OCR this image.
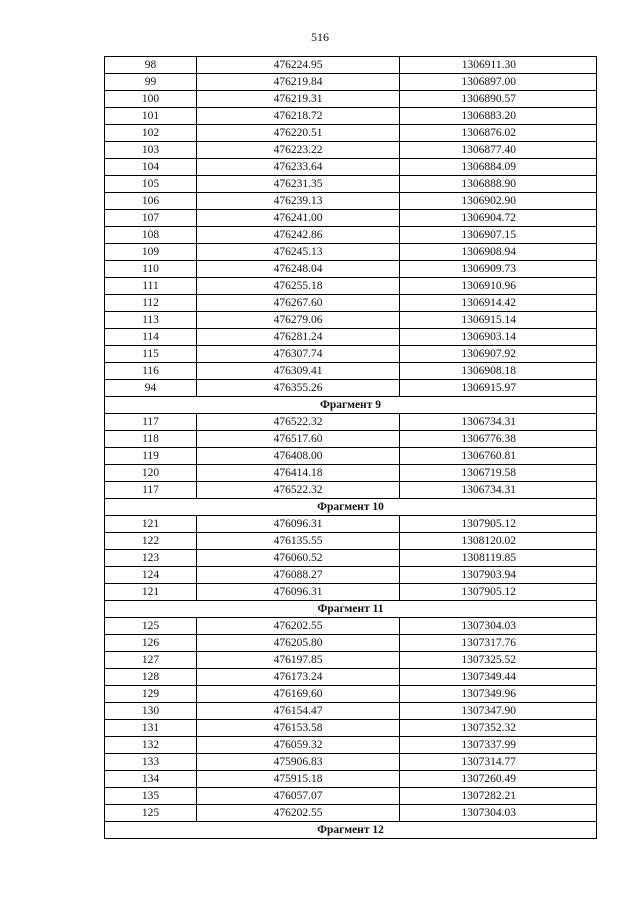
516
98	476224.95	1306911.30
99	476219.84	1306897.00
100	476219.31	1306890.57
101	476218.72	1306883.20
102	476220.51	1306876.02
103	476223.22	1306877.40
104	476233.64	1306884.09
105	476231.35	1306888.90
106	476239.13	1306902.90
107	476241.00	1306904.72
108	476242.86	1306907.15
109	476245.13	1306908.94
110	476248.04	1306909.73
111	476255.18	1306910.96
112	476267.60	1306914.42
113	476279.06	1306915.14
114	476281.24	1306903.14
115	476307.74	1306907.92
116	476309.41	1306908.18
94	476355.26	1306915.97
Фрагмент 9		
117	476522.32	1306734.31
118	476517.60	1306776.38
119	476408.00	1306760.81
120	476414.18	1306719.58
117	476522.32	1306734.31
Фрагмент 10		
121	476096.31	1307905.12
122	476135.55	1308120.02
123	476060.52	1308119.85
124	476088.27	1307903.94
121	476096.31	1307905.12
Фрагмент 11		
125	476202.55	1307304.03
126	476205.80	1307317.76
127	476197.85	1307325.52
128	476173.24	1307349.44
129	476169.60	1307349.96
130	476154.47	1307347.90
131	476153.58	1307352.32
132	476059.32	1307337.99
133	475906.83	1307314.77
134	475915.18	1307260.49
135	476057.07	1307282.21
125	476202.55	1307304.03
Фрагмент 12		
